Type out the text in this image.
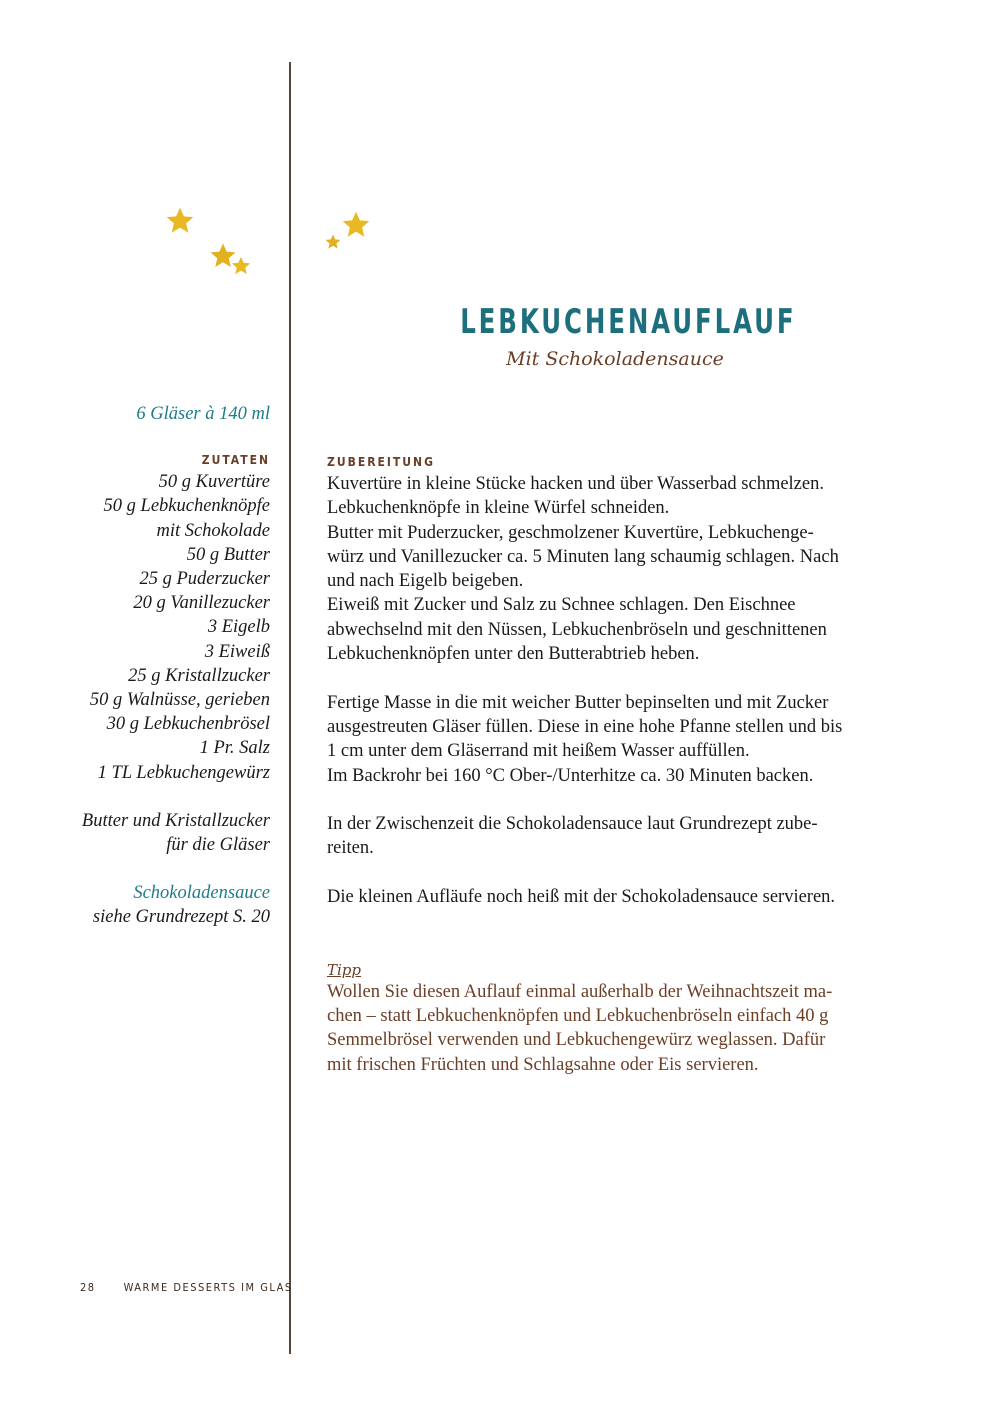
LEBKUCHENAUFLAUF
Mit Schokoladensauce
6 Gläser à 140 ml
ZUTATEN
50 g Kuvertüre
50 g Lebkuchenknöpfe
mit Schokolade
50 g Butter
25 g Puderzucker
20 g Vanillezucker
3 Eigelb
3 Eiweiß
25 g Kristallzucker
50 g Walnüsse, gerieben
30 g Lebkuchenbrösel
1 Pr. Salz
1 TL Lebkuchengewürz
Butter und Kristallzucker
für die Gläser
Schokoladensauce
siehe Grundrezept S. 20
ZUBEREITUNG

Kuvertüre in kleine Stücke hacken und über Wasserbad schmelzen.

Lebkuchenknöpfe in kleine Würfel schneiden.

Butter mit Puderzucker, geschmolzener Kuvertüre, Lebkuchenge-

würz und Vanillezucker ca. 5 Minuten lang schaumig schlagen. Nach

und nach Eigelb beigeben.

Eiweiß mit Zucker und Salz zu Schnee schlagen. Den Eischnee

abwechselnd mit den Nüssen, Lebkuchenbröseln und geschnittenen

Lebkuchenknöpfen unter den Butterabtrieb heben.

Fertige Masse in die mit weicher Butter bepinselten und mit Zucker

ausgestreuten Gläser füllen. Diese in eine hohe Pfanne stellen und bis

1 cm unter dem Gläserrand mit heißem Wasser auffüllen.

Im Backrohr bei 160 °C Ober-/Unterhitze ca. 30 Minuten backen.

In der Zwischenzeit die Schokoladensauce laut Grundrezept zube-

reiten.

Die kleinen Aufläufe noch heiß mit der Schokoladensauce servieren.

Tipp

Wollen Sie diesen Auflauf einmal außerhalb der Weihnachtszeit ma-

chen – statt Lebkuchenknöpfen und Lebkuchenbröseln einfach 40 g

Semmelbrösel verwenden und Lebkuchengewürz weglassen. Dafür

mit frischen Früchten und Schlagsahne oder Eis servieren.

28	WARME DESSERTS IM GLAS
